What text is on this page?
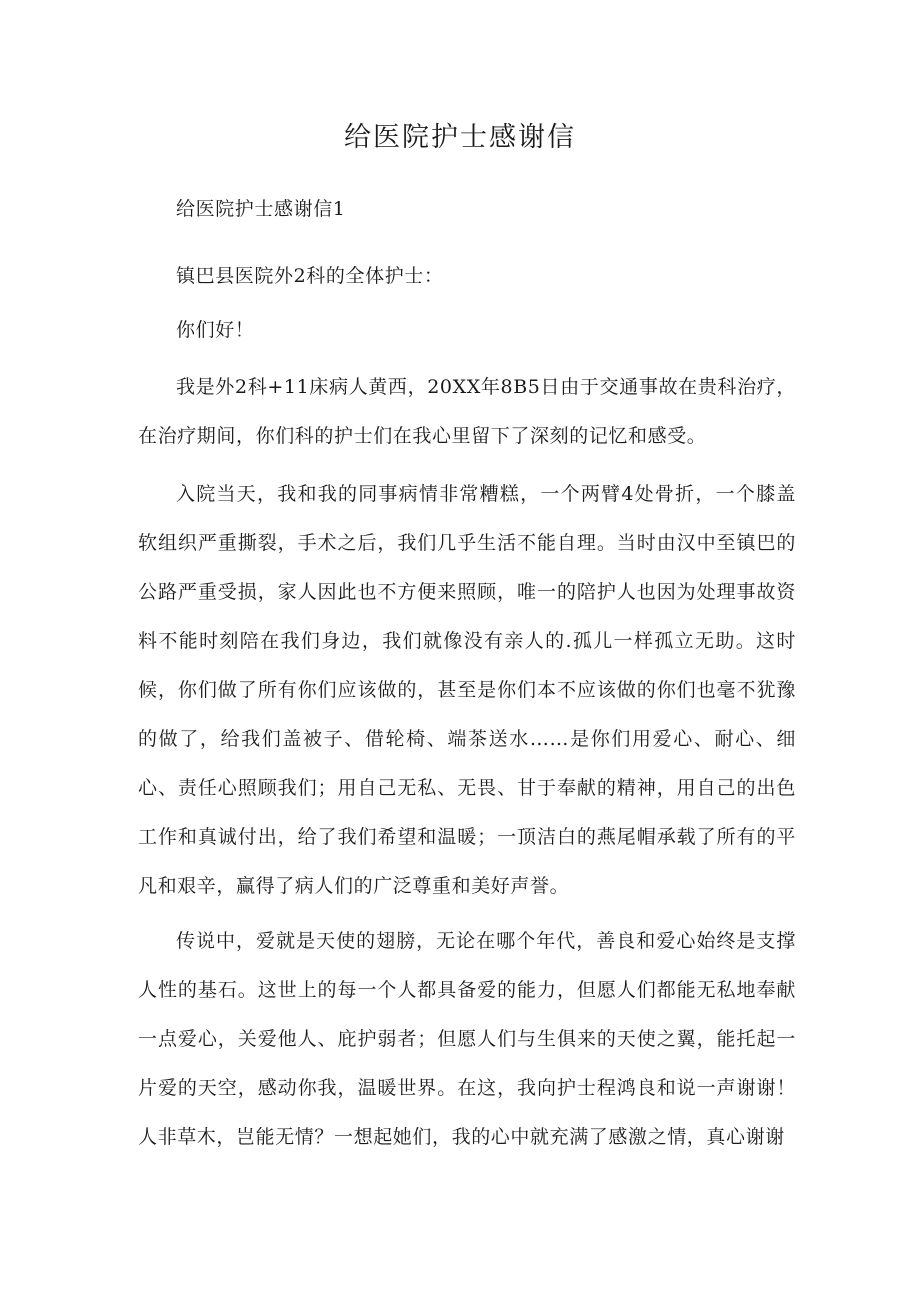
给医院护士感谢信

给医院护士感谢信1

镇巴县医院外2科的全体护士：

你们好！

我是外2科+11床病人黄西，20XX年8B5日由于交通事故在贵科治疗，在治疗期间，你们科的护士们在我心里留下了深刻的记忆和感受。

入院当天，我和我的同事病情非常糟糕，一个两臂4处骨折，一个膝盖软组织严重撕裂，手术之后，我们几乎生活不能自理。当时由汉中至镇巴的公路严重受损，家人因此也不方便来照顾，唯一的陪护人也因为处理事故资料不能时刻陪在我们身边，我们就像没有亲人的.孤儿一样孤立无助。这时候，你们做了所有你们应该做的，甚至是你们本不应该做的你们也毫不犹豫的做了，给我们盖被子、借轮椅、端茶送水……是你们用爱心、耐心、细心、责任心照顾我们；用自己无私、无畏、甘于奉献的精神，用自己的出色工作和真诚付出，给了我们希望和温暖；一顶洁白的燕尾帽承载了所有的平凡和艰辛，赢得了病人们的广泛尊重和美好声誉。

传说中，爱就是天使的翅膀，无论在哪个年代，善良和爱心始终是支撑人性的基石。这世上的每一个人都具备爱的能力，但愿人们都能无私地奉献一点爱心，关爱他人、庇护弱者；但愿人们与生俱来的天使之翼，能托起一片爱的天空，感动你我，温暖世界。在这，我向护士程鸿良和说一声谢谢！人非草木，岂能无情？一想起她们，我的心中就充满了感激之情，真心谢谢
